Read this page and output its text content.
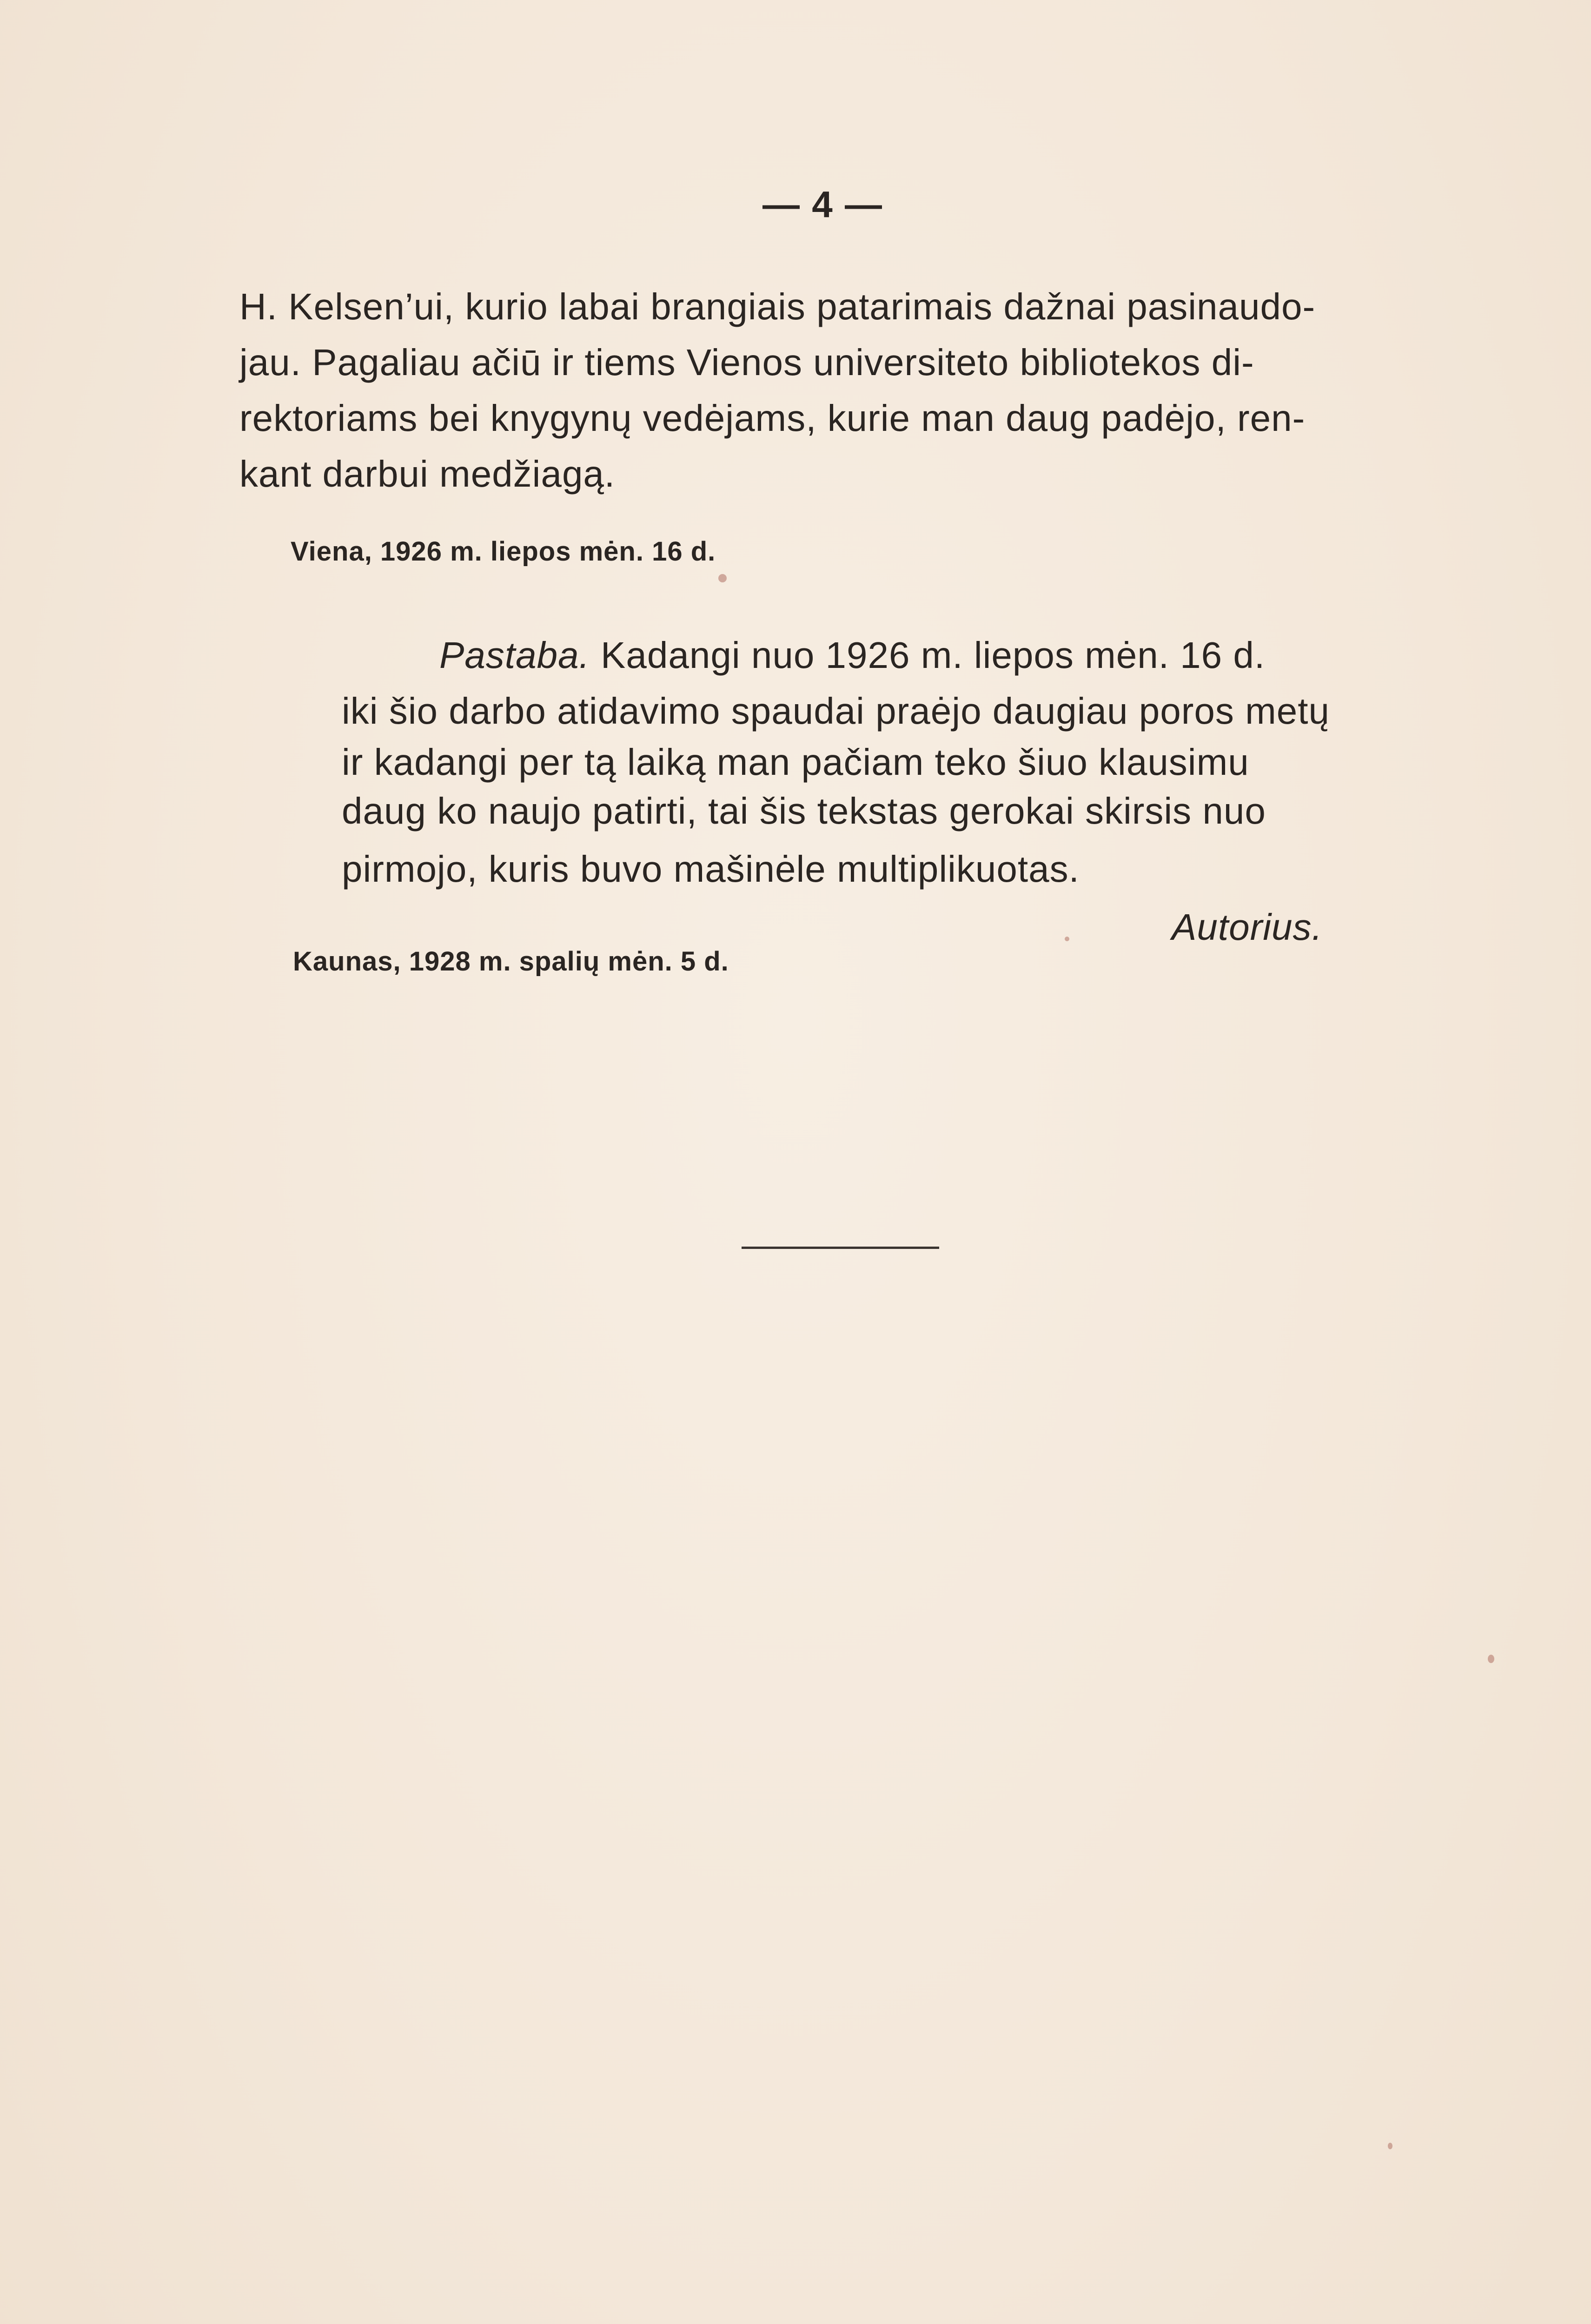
— 4 —
H. Kelsen’ui, kurio labai brangiais patarimais dažnai pasinaudo-
jau. Pagaliau ačiū ir tiems Vienos universiteto bibliotekos di-
rektoriams bei knygynų vedėjams, kurie man daug padėjo, ren-
kant darbui medžiagą.
Viena, 1926 m. liepos mėn. 16 d.
Pastaba. Kadangi nuo 1926 m. liepos mėn. 16 d.
iki šio darbo atidavimo spaudai praėjo daugiau poros metų
ir kadangi per tą laiką man pačiam teko šiuo klausimu
daug ko naujo patirti, tai šis tekstas gerokai skirsis nuo
pirmojo, kuris buvo mašinėle multiplikuotas.
Autorius.
Kaunas, 1928 m. spalių mėn. 5 d.
